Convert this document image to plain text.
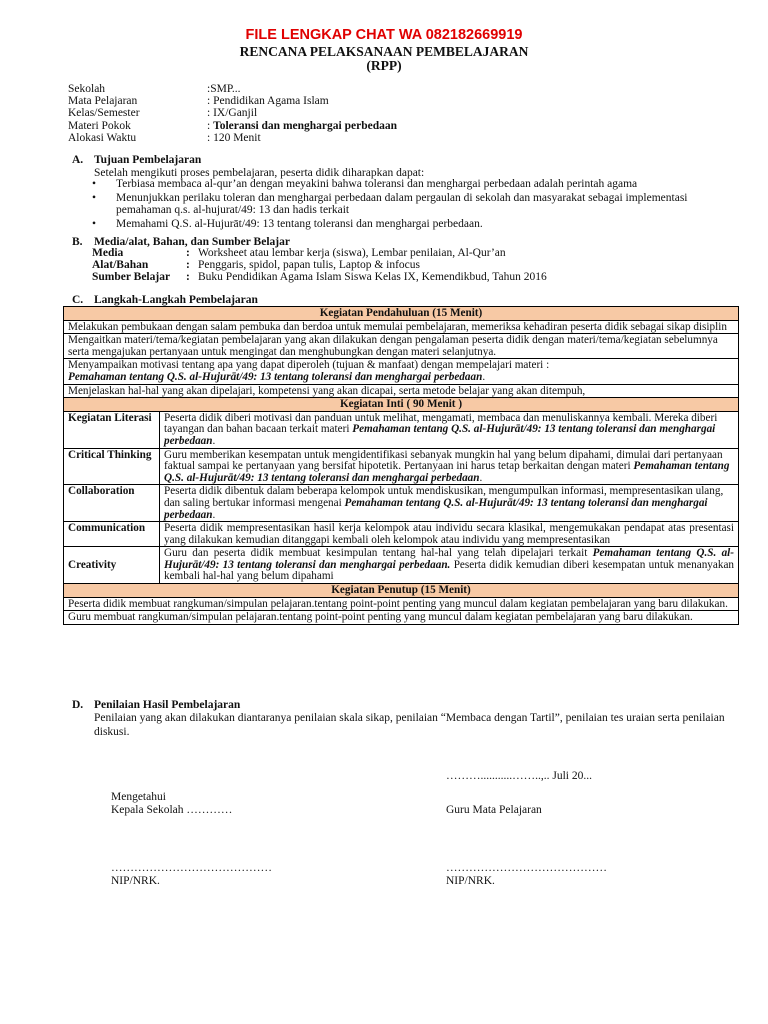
FILE LENGKAP CHAT WA 082182669919
RENCANA PELAKSANAAN PEMBELAJARAN
(RPP)
Sekolah	:SMP...
Mata Pelajaran	: Pendidikan Agama Islam
Kelas/Semester	: IX/Ganjil
Materi Pokok	: Toleransi dan menghargai perbedaan
Alokasi Waktu	: 120 Menit
A. Tujuan Pembelajaran
Setelah mengikuti proses pembelajaran, peserta didik diharapkan dapat:
• Terbiasa membaca al-qur’an dengan meyakini bahwa toleransi dan menghargai perbedaan adalah perintah agama
• Menunjukkan perilaku toleran dan menghargai perbedaan dalam pergaulan di sekolah dan masyarakat sebagai implementasi pemahaman q.s. al-hujurat/49: 13 dan hadis terkait
• Memahami Q.S. al-Hujurāt/49: 13 tentang toleransi dan menghargai perbedaan.
B. Media/alat, Bahan, dan Sumber Belajar
Media	: Worksheet atau lembar kerja (siswa), Lembar penilaian, Al-Qur’an
Alat/Bahan	: Penggaris, spidol, papan tulis, Laptop & infocus
Sumber Belajar	: Buku Pendidikan Agama Islam Siswa Kelas IX, Kemendikbud, Tahun 2016
C. Langkah-Langkah Pembelajaran
Kegiatan Pendahuluan (15 Menit)	
Melakukan pembukaan dengan salam pembuka dan berdoa untuk memulai pembelajaran, memeriksa kehadiran peserta didik sebagai sikap disiplin	
Mengaitkan materi/tema/kegiatan pembelajaran yang akan dilakukan dengan pengalaman peserta didik dengan materi/tema/kegiatan sebelumnya serta mengajukan pertanyaan untuk mengingat dan menghubungkan dengan materi selanjutnya.	
Menyampaikan motivasi tentang apa yang dapat diperoleh (tujuan & manfaat) dengan mempelajari materi :
Pemahaman tentang Q.S. al-Hujurāt/49: 13 tentang toleransi dan menghargai perbedaan.	
Menjelaskan hal-hal yang akan dipelajari, kompetensi yang akan dicapai, serta metode belajar yang akan ditempuh,	
Kegiatan Inti ( 90 Menit )	
Kegiatan Literasi	Peserta didik diberi motivasi dan panduan untuk melihat, mengamati, membaca dan menuliskannya kembali. Mereka diberi tayangan dan bahan bacaan terkait materi Pemahaman tentang Q.S. al-Hujurāt/49: 13 tentang toleransi dan menghargai perbedaan.
Critical Thinking	Guru memberikan kesempatan untuk mengidentifikasi sebanyak mungkin hal yang belum dipahami, dimulai dari pertanyaan faktual sampai ke pertanyaan yang bersifat hipotetik. Pertanyaan ini harus tetap berkaitan dengan materi Pemahaman tentang Q.S. al-Hujurāt/49: 13 tentang toleransi dan menghargai perbedaan.
Collaboration	Peserta didik dibentuk dalam beberapa kelompok untuk mendiskusikan, mengumpulkan informasi, mempresentasikan ulang, dan saling bertukar informasi mengenai Pemahaman tentang Q.S. al-Hujurāt/49: 13 tentang toleransi dan menghargai perbedaan.
Communication	Peserta didik mempresentasikan hasil kerja kelompok atau individu secara klasikal, mengemukakan pendapat atas presentasi yang dilakukan kemudian ditanggapi kembali oleh kelompok atau individu yang mempresentasikan
Creativity	Guru dan peserta didik membuat kesimpulan tentang hal-hal yang telah dipelajari terkait Pemahaman tentang Q.S. al-Hujurāt/49: 13 tentang toleransi dan menghargai perbedaan. Peserta didik kemudian diberi kesempatan untuk menanyakan kembali hal-hal yang belum dipahami
Kegiatan Penutup (15 Menit)	
Peserta didik membuat rangkuman/simpulan pelajaran.tentang point-point penting yang muncul dalam kegiatan pembelajaran yang baru dilakukan.	
Guru membuat rangkuman/simpulan pelajaran.tentang point-point penting yang muncul dalam kegiatan pembelajaran yang baru dilakukan.	
D. Penilaian Hasil Pembelajaran
Penilaian yang akan dilakukan diantaranya penilaian skala sikap, penilaian “Membaca dengan Tartil”, penilaian tes uraian serta penilaian diskusi.
………...........……..,.. Juli 20...
Mengetahui
Kepala Sekolah …………	Guru Mata Pelajaran
……………………………………
NIP/NRK.
……………………………………
NIP/NRK.
